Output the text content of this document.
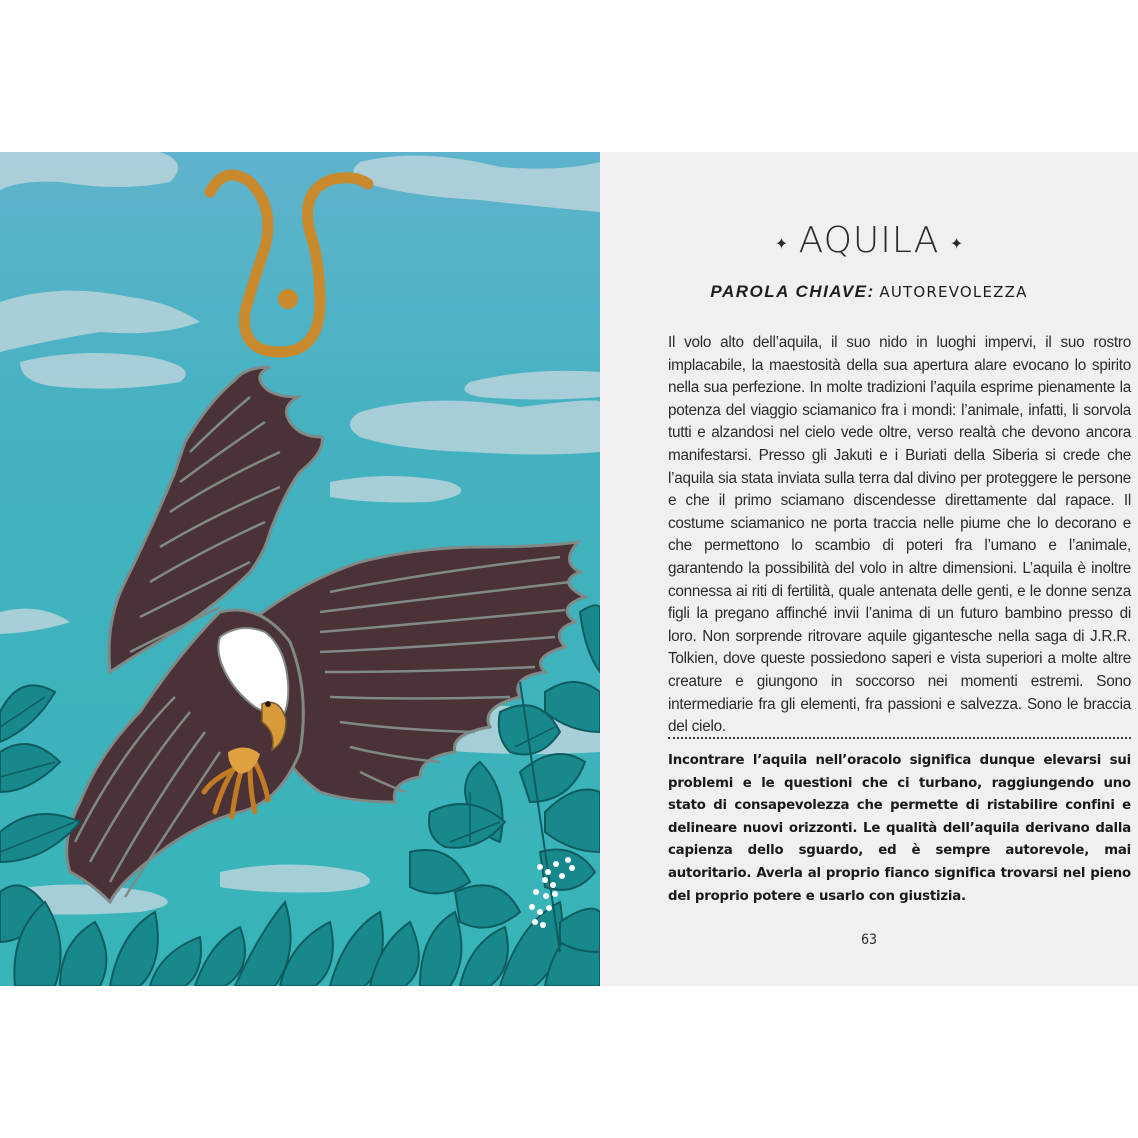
✦ AQUILA ✦
PAROLA CHIAVE: AUTOREVOLEZZA

Il volo alto dell’aquila, il suo nido in luoghi impervi, il suo rostro implacabile, la maestosità della sua apertura alare evocano lo spirito nella sua perfezione. In molte tradizioni l’aquila esprime pienamente la potenza del viaggio sciamanico fra i mondi: l’animale, infatti, li sorvola tutti e alzandosi nel cielo vede oltre, verso realtà che devono ancora manifestarsi. Presso gli Jakuti e i Buriati della Siberia si crede che l’aquila sia stata inviata sulla terra dal divino per proteggere le persone e che il primo sciamano discendesse direttamente dal rapace. Il costume sciamanico ne porta traccia nelle piume che lo decorano e che permettono lo scambio di poteri fra l’umano e l’animale, garantendo la possibilità del volo in altre dimensioni. L’aquila è inoltre connessa ai riti di fertilità, quale antenata delle genti, e le donne senza figli la pregano affinché invii l’anima di un futuro bambino presso di loro. Non sorprende ritrovare aquile gigantesche nella saga di J.R.R. Tolkien, dove queste possiedono saperi e vista superiori a molte altre creature e giungono in soccorso nei momenti estremi. Sono intermediarie fra gli elementi, fra passioni e salvezza. Sono le braccia del cielo.

Incontrare l’aquila nell’oracolo significa dunque elevarsi sui problemi e le questioni che ci turbano, raggiungendo uno stato di consapevolezza che permette di ristabilire confini e delineare nuovi orizzonti. Le qualità dell’aquila derivano dalla capienza dello sguardo, ed è sempre autorevole, mai autoritario. Averla al proprio fianco significa trovarsi nel pieno del proprio potere e usarlo con giustizia.

63
